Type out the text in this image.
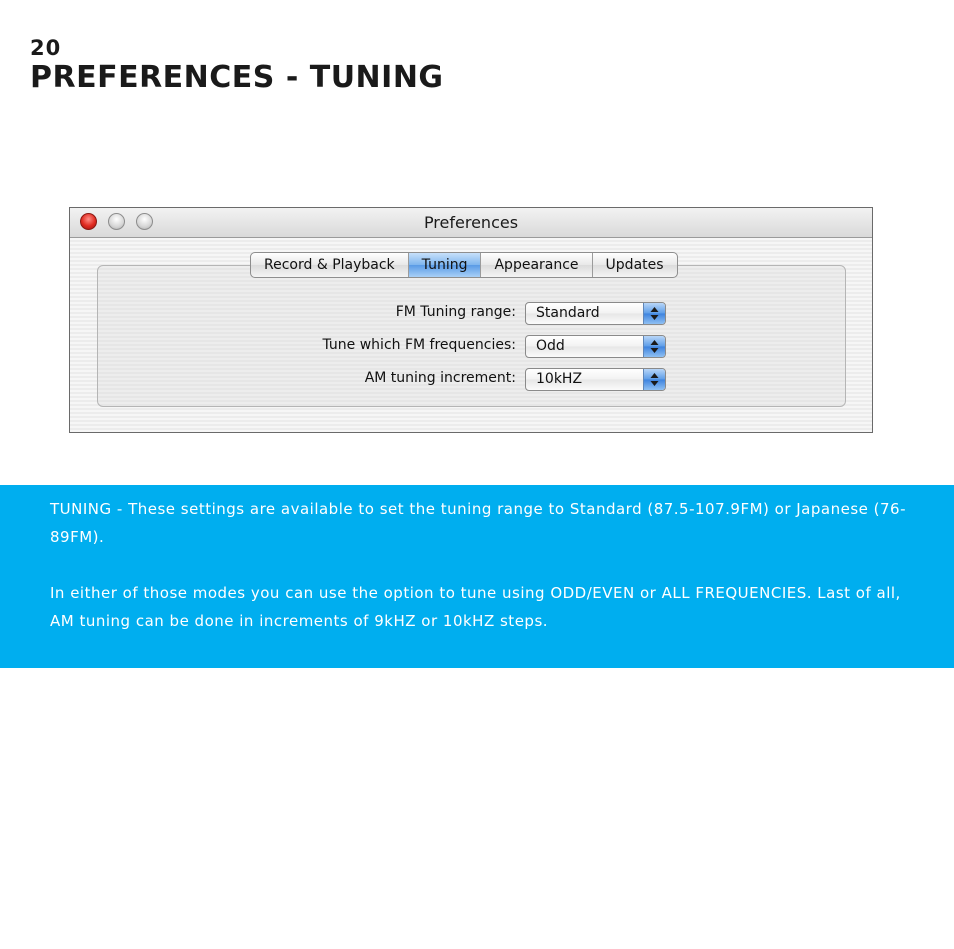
20
PREFERENCES - TUNING
Preferences
Record & Playback	Tuning	Appearance	Updates
FM Tuning range: Standard
Tune which FM frequencies: Odd
AM tuning increment: 10kHZ
TUNING - These settings are available to set the tuning range to Standard (87.5-107.9FM) or Japanese (76-89FM).
In either of those modes you can use the option to tune using ODD/EVEN or ALL FREQUENCIES. Last of all, AM tuning can be done in increments of 9kHZ or 10kHZ steps.
